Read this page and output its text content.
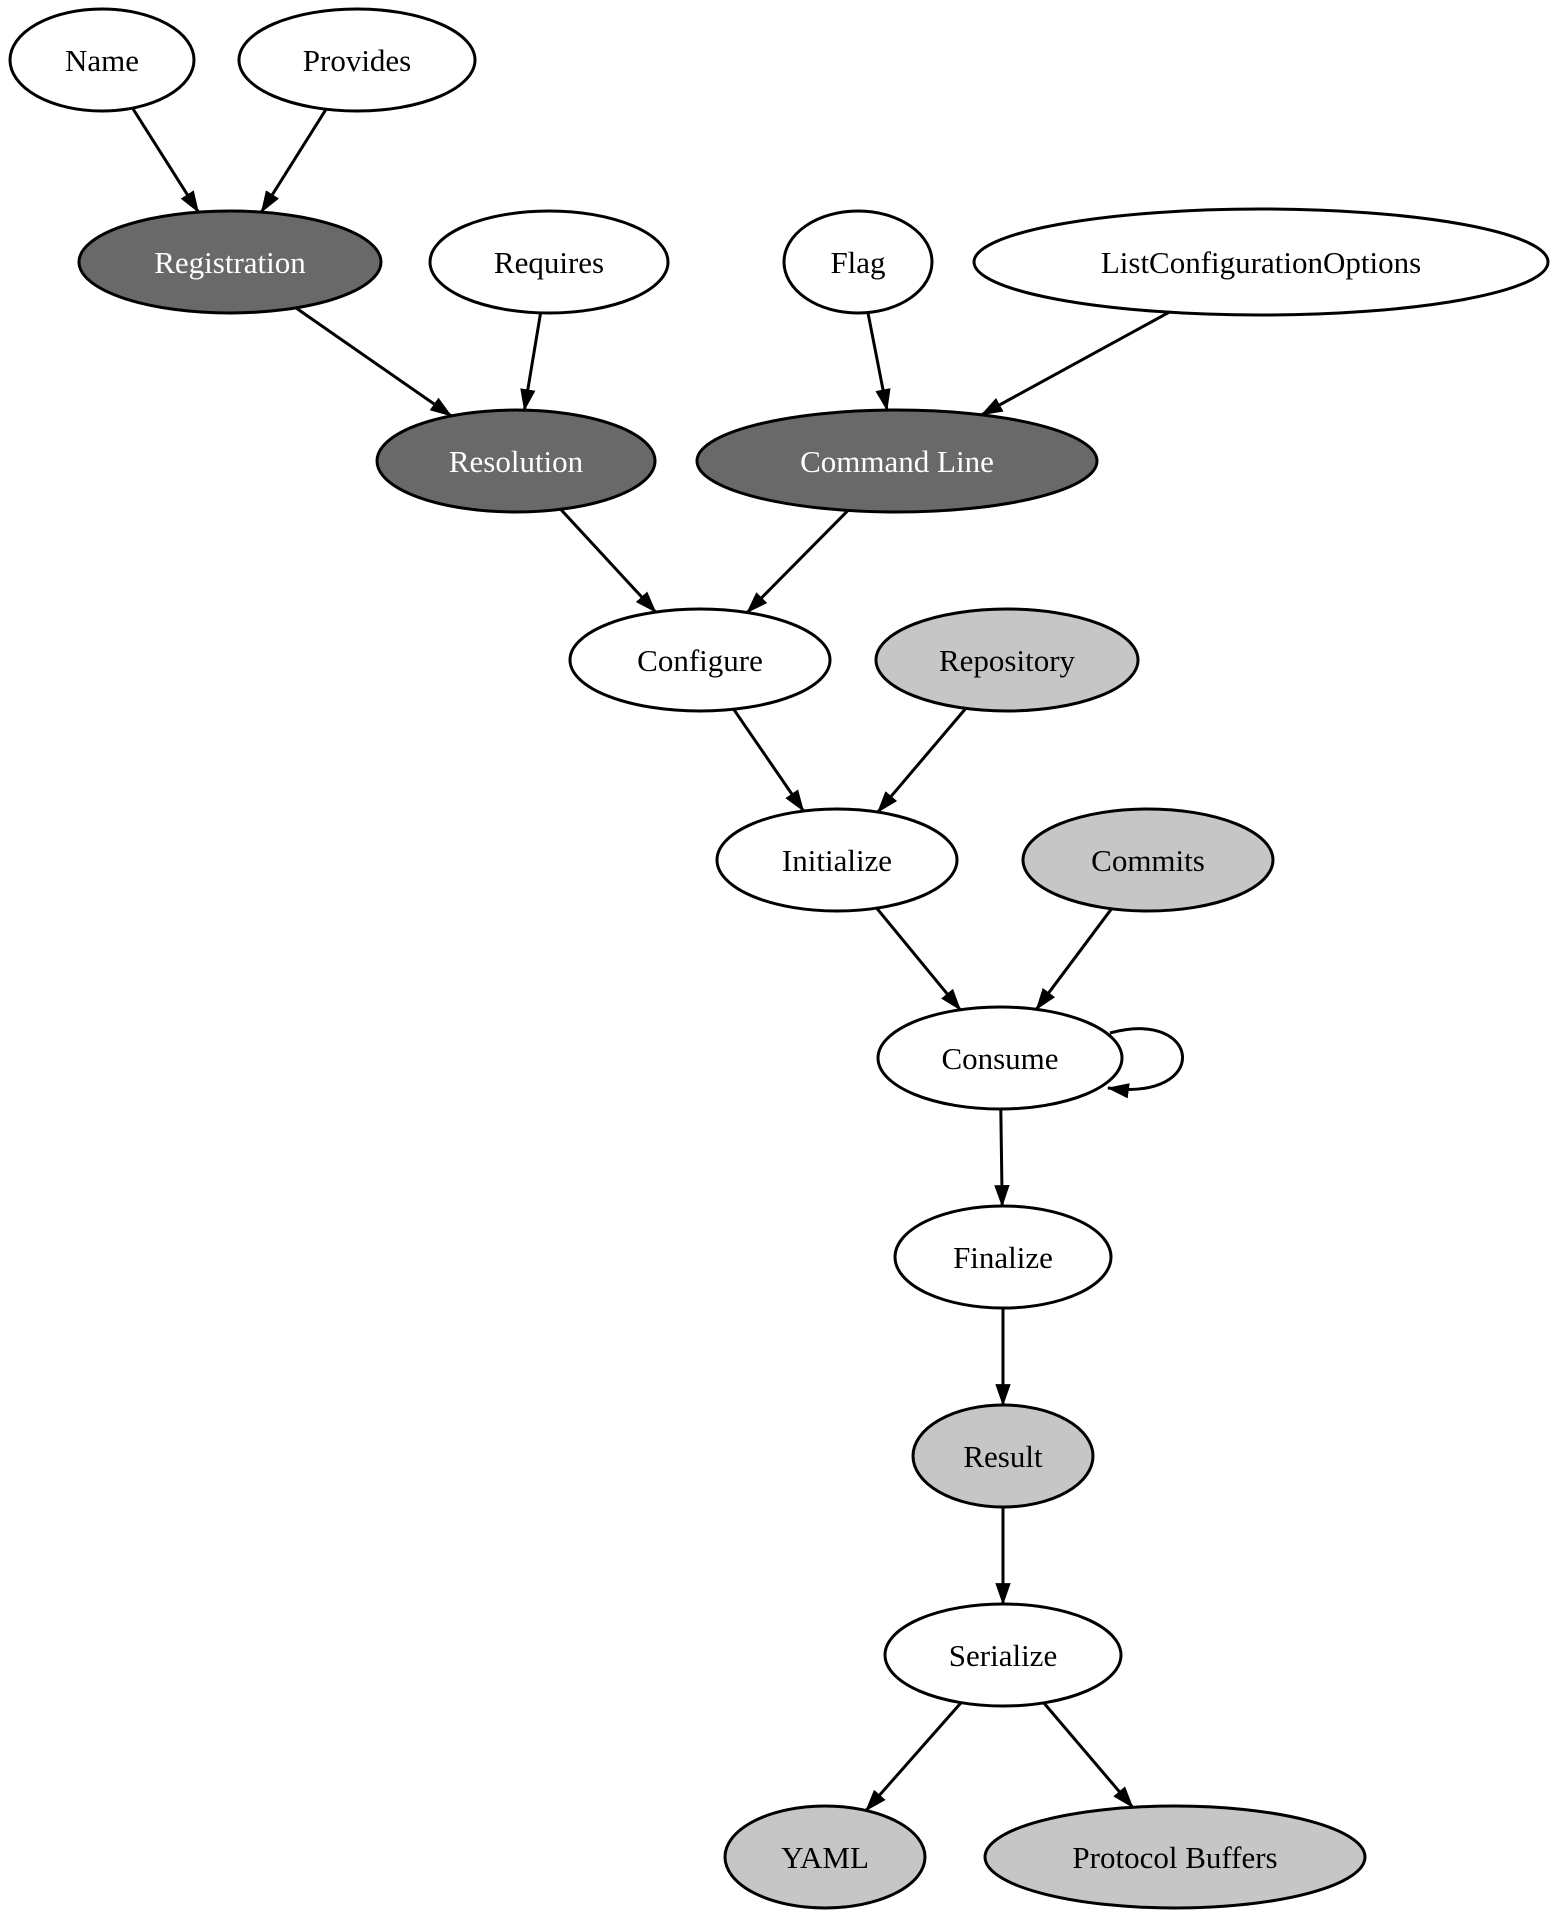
Name	Provides
Registration	Requires	Flag	ListConfigurationOptions
Resolution	Command Line
Configure	Repository
Initialize	Commits
Consume
Finalize
Result
Serialize
YAML	Protocol Buffers
